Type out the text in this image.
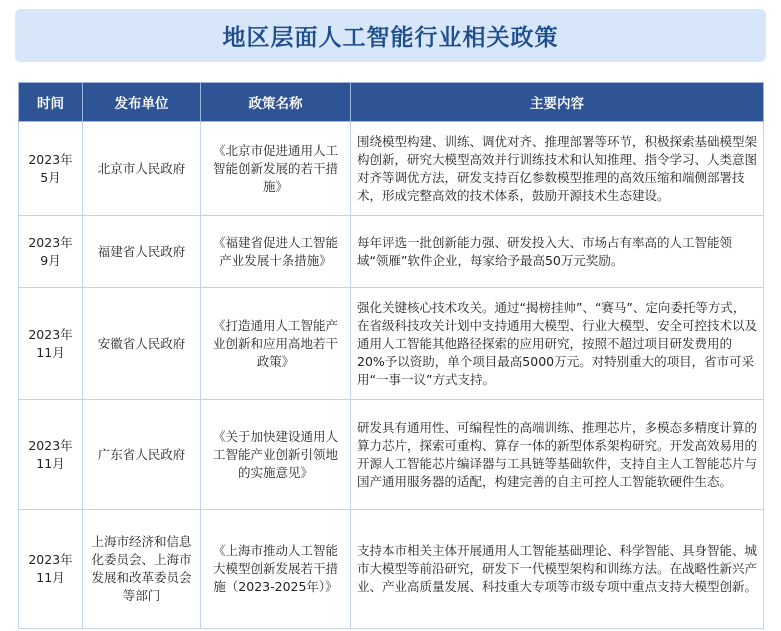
地区层面人工智能行业相关政策
时间	发布单位	政策名称	主要内容
2023年5月	北京市人民政府	《北京市促进通用人工智能创新发展的若干措施》	围绕模型构建、训练、调优对齐、推理部署等环节，积极探索基础模型架构创新，研究大模型高效并行训练技术和认知推理、指令学习、人类意图对齐等调优方法，研发支持百亿参数模型推理的高效压缩和端侧部署技术，形成完整高效的技术体系，鼓励开源技术生态建设。
2023年9月	福建省人民政府	《福建省促进人工智能产业发展十条措施》	每年评选一批创新能力强、研发投入大、市场占有率高的人工智能领域“领雁”软件企业，每家给予最高50万元奖励。
2023年11月	安徽省人民政府	《打造通用人工智能产业创新和应用高地若干政策》	强化关键核心技术攻关。通过“揭榜挂帅”、“赛马”、定向委托等方式，在省级科技攻关计划中支持通用大模型、行业大模型、安全可控技术以及通用人工智能其他路径探索的应用研究，按照不超过项目研发费用的20%予以资助，单个项目最高5000万元。对特别重大的项目，省市可采用“一事一议”方式支持。
2023年11月	广东省人民政府	《关于加快建设通用人工智能产业创新引领地的实施意见》	研发具有通用性、可编程性的高端训练、推理芯片，多模态多精度计算的算力芯片，探索可重构、算存一体的新型体系架构研究。开发高效易用的开源人工智能芯片编译器与工具链等基础软件，支持自主人工智能芯片与国产通用服务器的适配，构建完善的自主可控人工智能软硬件生态。
2023年11月	上海市经济和信息化委员会、上海市发展和改革委员会等部门	《上海市推动人工智能大模型创新发展若干措施（2023-2025年）》	支持本市相关主体开展通用人工智能基础理论、科学智能、具身智能、城市大模型等前沿研究，研发下一代模型架构和训练方法。在战略性新兴产业、产业高质量发展、科技重大专项等市级专项中重点支持大模型创新。
